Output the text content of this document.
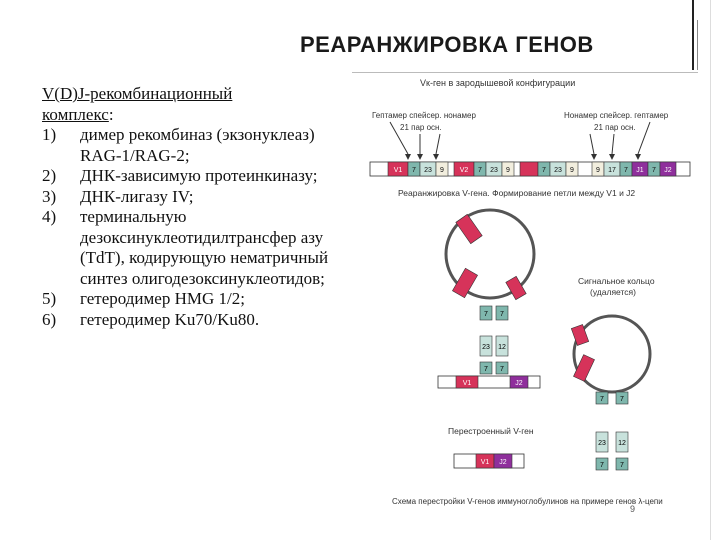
РЕАРАНЖИРОВКА ГЕНОВ
V(D)J-рекомбинационный
комплекс:
1) димер рекомбиназ (экзонуклеаз) RAG-1/RAG-2;
2) ДНК-зависимую протеинкиназу;
3) ДНК-лигазу IV;
4) терминальную дезоксинуклеотидилтрансфер азу (TdT), кодирующую нематричный синтез олигодезоксинуклеотидов;
5) гетеродимер HMG 1/2;
6) гетеродимер Ku70/Ku80.
Vк-ген в зародышевой конфигурации
Гептамер спейсер. нонамер
21 пар осн.
Нонамер спейсер. гептамер
21 пар осн.
V1 7 23 9 V2 7 23 9	7 23 9	9 17 7 J1 7 J2
Реаранжировка V-гена. Формирование петли между V1 и J2
7 7
23 12
7 7
V1	J2
Сигнальное кольцо
(удаляется)
7 7
23 12
7 7
Перестроенный V-ген
V1 J2
Схема перестройки V-генов иммуноглобулинов на примере генов λ-цепи
9
